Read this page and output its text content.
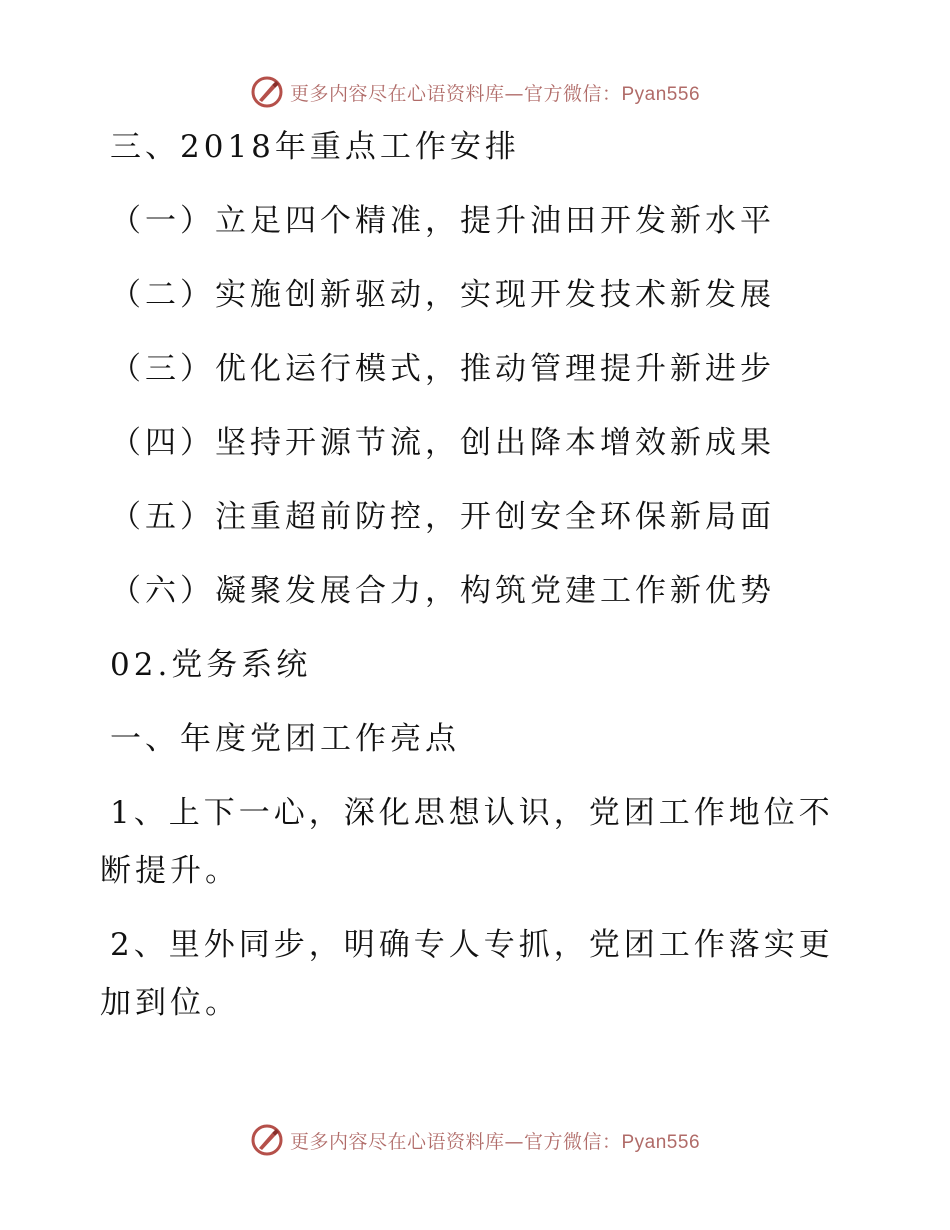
更多内容尽在心语资料库—官方微信：Pyan556
三、2018年重点工作安排
（一）立足四个精准，提升油田开发新水平
（二）实施创新驱动，实现开发技术新发展
（三）优化运行模式，推动管理提升新进步
（四）坚持开源节流，创出降本增效新成果
（五）注重超前防控，开创安全环保新局面
（六）凝聚发展合力，构筑党建工作新优势
02.党务系统
一、年度党团工作亮点
1、上下一心，深化思想认识，党团工作地位不断提升。
2、里外同步，明确专人专抓，党团工作落实更加到位。
更多内容尽在心语资料库—官方微信：Pyan556
